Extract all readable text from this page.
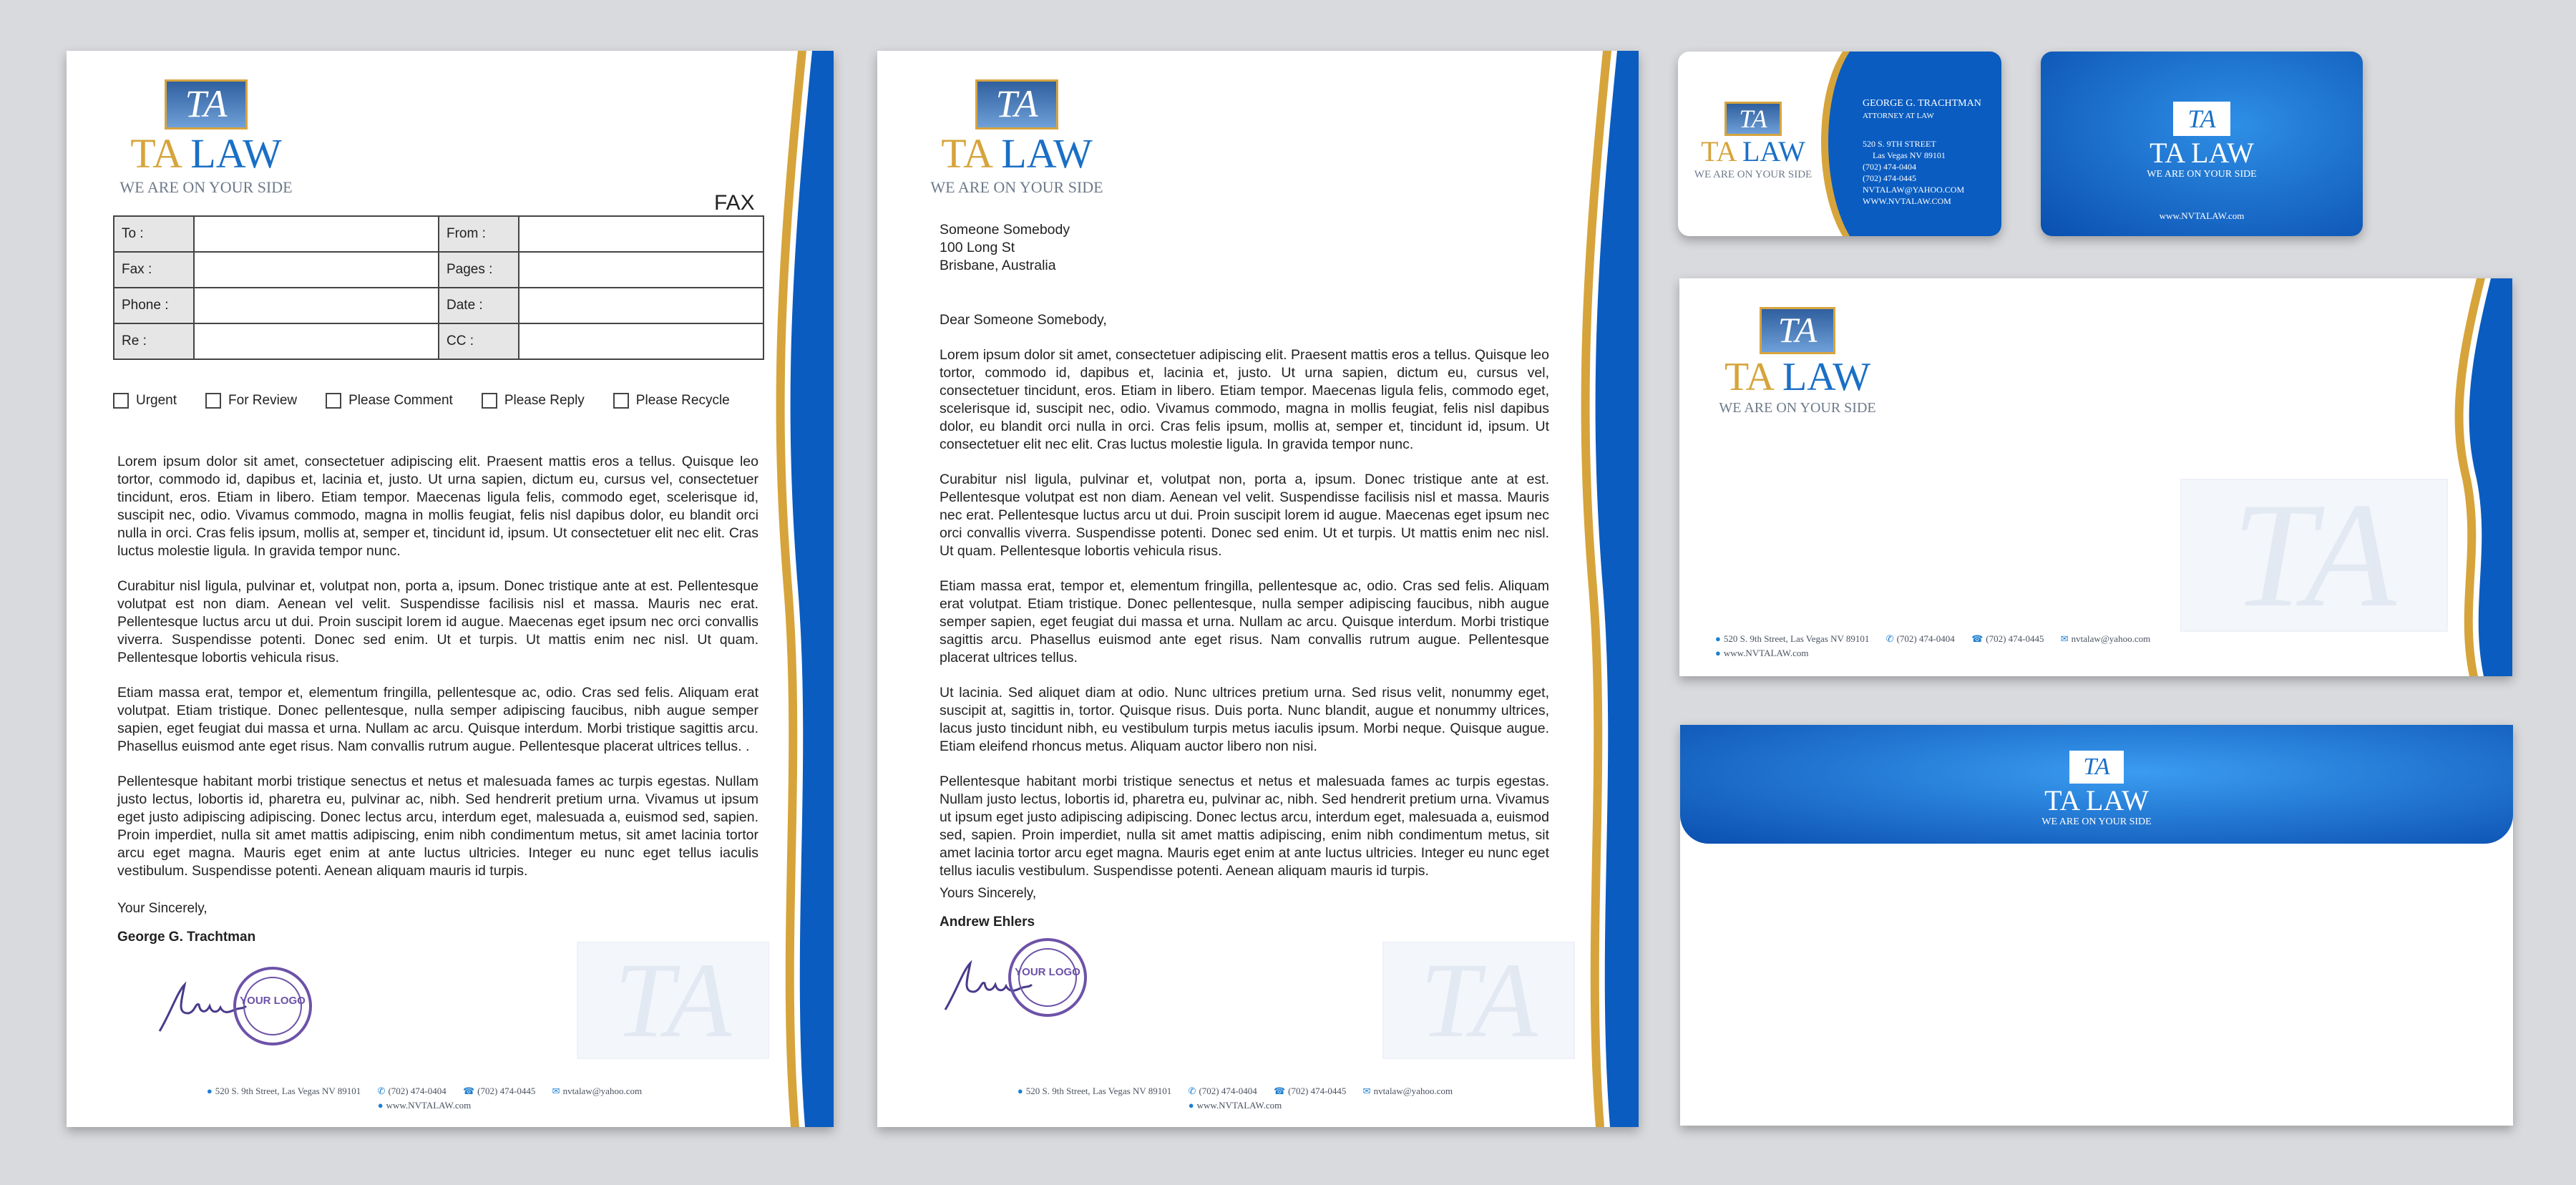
TA
TA LAW
WE ARE ON YOUR SIDE
FAX
To :		From :	
Fax :		Pages :	
Phone :		Date :	
Re :		CC :	
Urgent	For Review	Please Comment	Please Reply	Please Recycle

Lorem ipsum dolor sit amet, consectetuer adipiscing elit. Praesent mattis eros a tellus. Quisque leo tortor, commodo id, dapibus et, lacinia et, justo. Ut urna sapien, dictum eu, cursus vel, consectetuer tincidunt, eros. Etiam in libero. Etiam tempor. Maecenas ligula felis, commodo eget, scelerisque id, suscipit nec, odio. Vivamus commodo, magna in mollis feugiat, felis nisl dapibus dolor, eu blandit orci nulla in orci. Cras felis ipsum, mollis at, semper et, tincidunt id, ipsum. Ut consectetuer elit nec elit. Cras luctus molestie ligula. In gravida tempor nunc.

Curabitur nisl ligula, pulvinar et, volutpat non, porta a, ipsum. Donec tristique ante at est. Pellentesque volutpat est non diam. Aenean vel velit. Suspendisse facilisis nisl et massa. Mauris nec erat. Pellentesque luctus arcu ut dui. Proin suscipit lorem id augue. Maecenas eget ipsum nec orci convallis viverra. Suspendisse potenti. Donec sed enim. Ut et turpis. Ut mattis enim nec nisl. Ut quam. Pellentesque lobortis vehicula risus.

Etiam massa erat, tempor et, elementum fringilla, pellentesque ac, odio. Cras sed felis. Aliquam erat volutpat. Etiam tristique. Donec pellentesque, nulla semper adipiscing faucibus, nibh augue semper sapien, eget feugiat dui massa et urna. Nullam ac arcu. Quisque interdum. Morbi tristique sagittis arcu. Phasellus euismod ante eget risus. Nam convallis rutrum augue. Pellentesque placerat ultrices tellus. .

Pellentesque habitant morbi tristique senectus et netus et malesuada fames ac turpis egestas. Nullam justo lectus, lobortis id, pharetra eu, pulvinar ac, nibh. Sed hendrerit pretium urna. Vivamus ut ipsum eget justo adipiscing adipiscing. Donec lectus arcu, interdum eget, malesuada a, euismod sed, sapien. Proin imperdiet, nulla sit amet mattis adipiscing, enim nibh condimentum metus, sit amet lacinia tortor arcu eget magna. Mauris eget enim at ante luctus ultricies. Integer eu nunc eget tellus iaculis vestibulum. Suspendisse potenti. Aenean aliquam mauris id turpis.

Your Sincerely,
George G. Trachtman
YOUR LOGO	TA
● 520 S. 9th Street, Las Vegas NV 89101 ✆ (702) 474-0404 ☎ (702) 474-0445 ✉ nvtalaw@yahoo.com
● www.NVTALAW.com
TA
TA LAW
WE ARE ON YOUR SIDE
Someone Somebody
100 Long St
Brisbane, Australia

Dear Someone Somebody,

Lorem ipsum dolor sit amet, consectetuer adipiscing elit. Praesent mattis eros a tellus. Quisque leo tortor, commodo id, dapibus et, lacinia et, justo. Ut urna sapien, dictum eu, cursus vel, consectetuer tincidunt, eros. Etiam in libero. Etiam tempor. Maecenas ligula felis, commodo eget, scelerisque id, suscipit nec, odio. Vivamus commodo, magna in mollis feugiat, felis nisl dapibus dolor, eu blandit orci nulla in orci. Cras felis ipsum, mollis at, semper et, tincidunt id, ipsum. Ut consectetuer elit nec elit. Cras luctus molestie ligula. In gravida tempor nunc.

Curabitur nisl ligula, pulvinar et, volutpat non, porta a, ipsum. Donec tristique ante at est. Pellentesque volutpat est non diam. Aenean vel velit. Suspendisse facilisis nisl et massa. Mauris nec erat. Pellentesque luctus arcu ut dui. Proin suscipit lorem id augue. Maecenas eget ipsum nec orci convallis viverra. Suspendisse potenti. Donec sed enim. Ut et turpis. Ut mattis enim nec nisl. Ut quam. Pellentesque lobortis vehicula risus.

Etiam massa erat, tempor et, elementum fringilla, pellentesque ac, odio. Cras sed felis. Aliquam erat volutpat. Etiam tristique. Donec pellentesque, nulla semper adipiscing faucibus, nibh augue semper sapien, eget feugiat dui massa et urna. Nullam ac arcu. Quisque interdum. Morbi tristique sagittis arcu. Phasellus euismod ante eget risus. Nam convallis rutrum augue. Pellentesque placerat ultrices tellus.

Ut lacinia. Sed aliquet diam at odio. Nunc ultrices pretium urna. Sed risus velit, nonummy eget, suscipit at, sagittis in, tortor. Quisque risus. Duis porta. Nunc blandit, augue et nonummy ultrices, lacus justo tincidunt nibh, eu vestibulum turpis metus iaculis ipsum. Morbi neque. Quisque augue. Etiam eleifend rhoncus metus. Aliquam auctor libero non nisi.

Pellentesque habitant morbi tristique senectus et netus et malesuada fames ac turpis egestas. Nullam justo lectus, lobortis id, pharetra eu, pulvinar ac, nibh. Sed hendrerit pretium urna. Vivamus ut ipsum eget justo adipiscing adipiscing. Donec lectus arcu, interdum eget, malesuada a, euismod sed, sapien. Proin imperdiet, nulla sit amet mattis adipiscing, enim nibh condimentum metus, sit amet lacinia tortor arcu eget magna. Mauris eget enim at ante luctus ultricies. Integer eu nunc eget tellus iaculis vestibulum. Suspendisse potenti. Aenean aliquam mauris id turpis.

Yours Sincerely,
Andrew Ehlers
YOUR LOGO	TA
● 520 S. 9th Street, Las Vegas NV 89101 ✆ (702) 474-0404 ☎ (702) 474-0445 ✉ nvtalaw@yahoo.com
● www.NVTALAW.com
TA
TA LAW
WE ARE ON YOUR SIDE
GEORGE G. TRACHTMAN
ATTORNEY AT LAW
520 S. 9TH STREET
Las Vegas NV 89101
(702) 474-0404
(702) 474-0445
NVTALAW@YAHOO.COM
WWW.NVTALAW.COM
TA
TA LAW
WE ARE ON YOUR SIDE
www.NVTALAW.com
TA
TA LAW
WE ARE ON YOUR SIDE
TA
● 520 S. 9th Street, Las Vegas NV 89101 ✆ (702) 474-0404 ☎ (702) 474-0445 ✉ nvtalaw@yahoo.com
● www.NVTALAW.com
TA
TA LAW
WE ARE ON YOUR SIDE
